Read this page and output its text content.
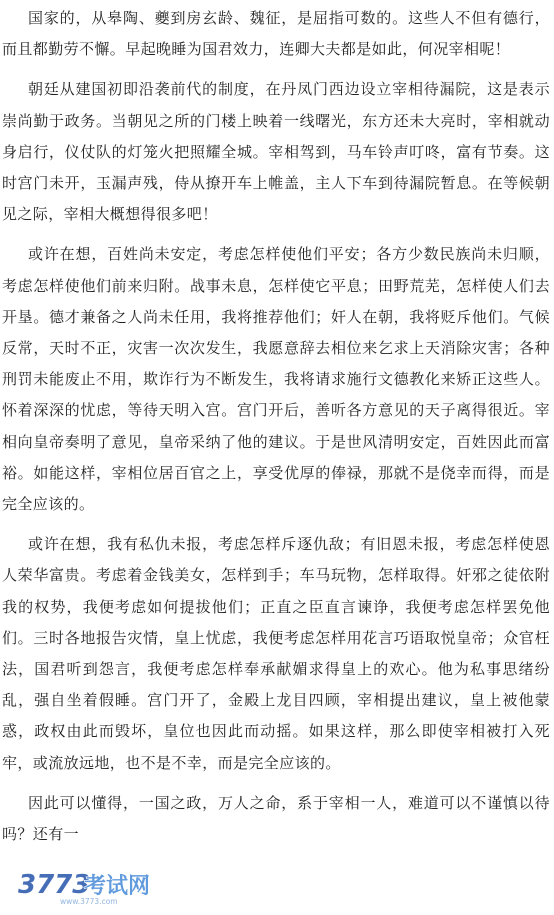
国家的，从皋陶、夔到房玄龄、魏征，是屈指可数的。这些人不但有德行，而且都勤劳不懈。早起晚睡为国君效力，连卿大夫都是如此，何况宰相呢！

朝廷从建国初即沿袭前代的制度，在丹凤门西边设立宰相待漏院，这是表示崇尚勤于政务。当朝见之所的门楼上映着一线曙光，东方还未大亮时，宰相就动身启行，仪仗队的灯笼火把照耀全城。宰相驾到，马车铃声叮咚，富有节奏。这时宫门未开，玉漏声残，侍从撩开车上帷盖，主人下车到待漏院暂息。在等候朝见之际，宰相大概想得很多吧！

或许在想，百姓尚未安定，考虑怎样使他们平安；各方少数民族尚未归顺，考虑怎样使他们前来归附。战事未息，怎样使它平息；田野荒芜，怎样使人们去开垦。德才兼备之人尚未任用，我将推荐他们；奸人在朝，我将贬斥他们。气候反常，天时不正，灾害一次次发生，我愿意辞去相位来乞求上天消除灾害；各种刑罚未能废止不用，欺诈行为不断发生，我将请求施行文德教化来矫正这些人。怀着深深的忧虑，等待天明入宫。宫门开后，善听各方意见的天子离得很近。宰相向皇帝奏明了意见，皇帝采纳了他的建议。于是世风清明安定，百姓因此而富裕。如能这样，宰相位居百官之上，享受优厚的俸禄，那就不是侥幸而得，而是完全应该的。

或许在想，我有私仇未报，考虑怎样斥逐仇敌；有旧恩未报，考虑怎样使恩人荣华富贵。考虑着金钱美女，怎样到手；车马玩物，怎样取得。奸邪之徒依附我的权势，我便考虑如何提拔他们；正直之臣直言谏诤，我便考虑怎样罢免他们。三时各地报告灾情，皇上忧虑，我便考虑怎样用花言巧语取悦皇帝；众官枉法，国君听到怨言，我便考虑怎样奉承献媚求得皇上的欢心。他为私事思绪纷乱，强自坐着假睡。宫门开了，金殿上龙目四顾，宰相提出建议，皇上被他蒙惑，政权由此而毁坏，皇位也因此而动摇。如果这样，那么即使宰相被打入死牢，或流放远地，也不是不幸，而是完全应该的。

因此可以懂得，一国之政，万人之命，系于宰相一人，难道可以不谨慎以待吗？还有一

3773
考试网
www.3773.com
